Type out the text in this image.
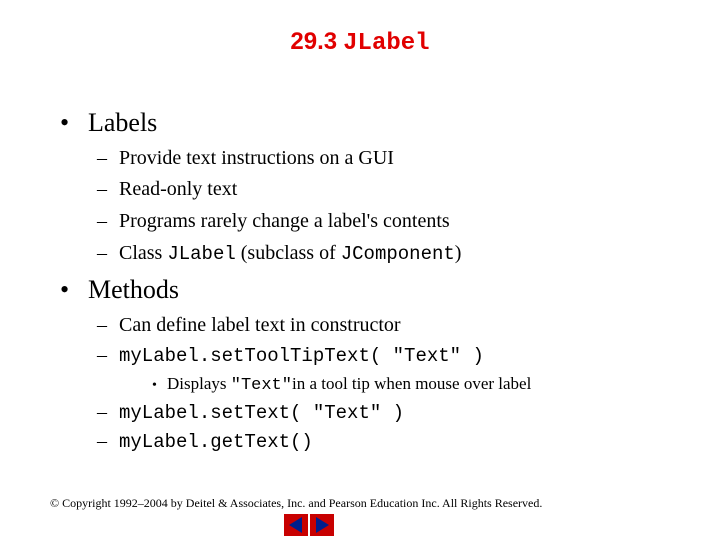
29.3 JLabel
• Labels
– Provide text instructions on a GUI
– Read-only text
– Programs rarely change a label's contents
– Class JLabel (subclass of JComponent)
• Methods
– Can define label text in constructor
– myLabel.setToolTipText( "Text" )
• Displays "Text"in a tool tip when mouse over label
– myLabel.setText( "Text" )
– myLabel.getText()
© Copyright 1992–2004 by Deitel & Associates, Inc. and Pearson Education Inc. All Rights Reserved.
